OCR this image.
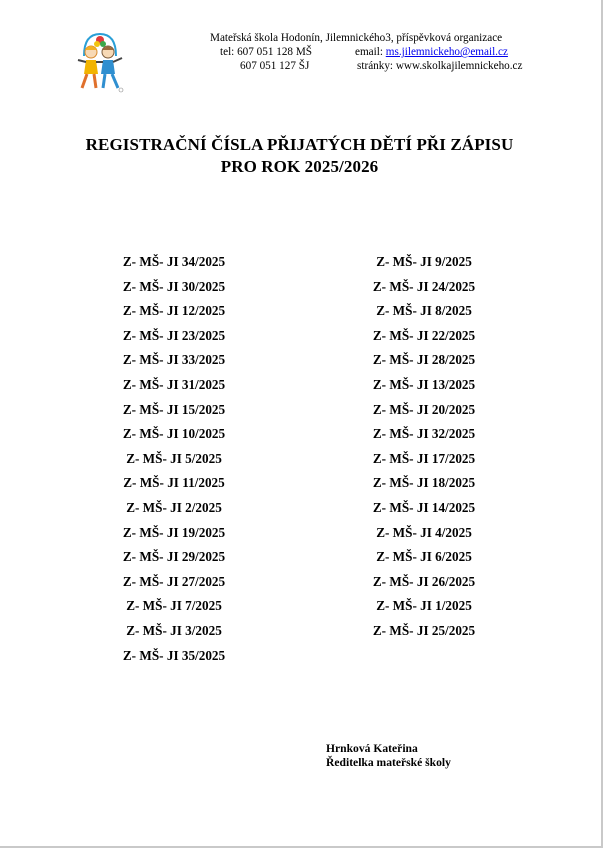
Mateřská škola Hodonín, Jilemnického3, příspěvková organizace
tel: 607 051 128 MŠ
607 051 127 ŠJ
email: ms.jilemnickeho@email.cz
stránky: www.skolkajilemnickeho.cz
REGISTRAČNÍ ČÍSLA PŘIJATÝCH DĚTÍ PŘI ZÁPISU
PRO ROK 2025/2026
Z- MŠ- JI 34/2025
Z- MŠ- JI 30/2025
Z- MŠ- JI 12/2025
Z- MŠ- JI 23/2025
Z- MŠ- JI 33/2025
Z- MŠ- JI 31/2025
Z- MŠ- JI 15/2025
Z- MŠ- JI 10/2025
Z- MŠ- JI 5/2025
Z- MŠ- JI 11/2025
Z- MŠ- JI 2/2025
Z- MŠ- JI 19/2025
Z- MŠ- JI 29/2025
Z- MŠ- JI 27/2025
Z- MŠ- JI 7/2025
Z- MŠ- JI 3/2025
Z- MŠ- JI 35/2025
Z- MŠ- JI 9/2025
Z- MŠ- JI 24/2025
Z- MŠ- JI 8/2025
Z- MŠ- JI 22/2025
Z- MŠ- JI 28/2025
Z- MŠ- JI 13/2025
Z- MŠ- JI 20/2025
Z- MŠ- JI 32/2025
Z- MŠ- JI 17/2025
Z- MŠ- JI 18/2025
Z- MŠ- JI 14/2025
Z- MŠ- JI 4/2025
Z- MŠ- JI 6/2025
Z- MŠ- JI 26/2025
Z- MŠ- JI 1/2025
Z- MŠ- JI 25/2025
Hrnková Kateřina
Ředitelka mateřské školy
